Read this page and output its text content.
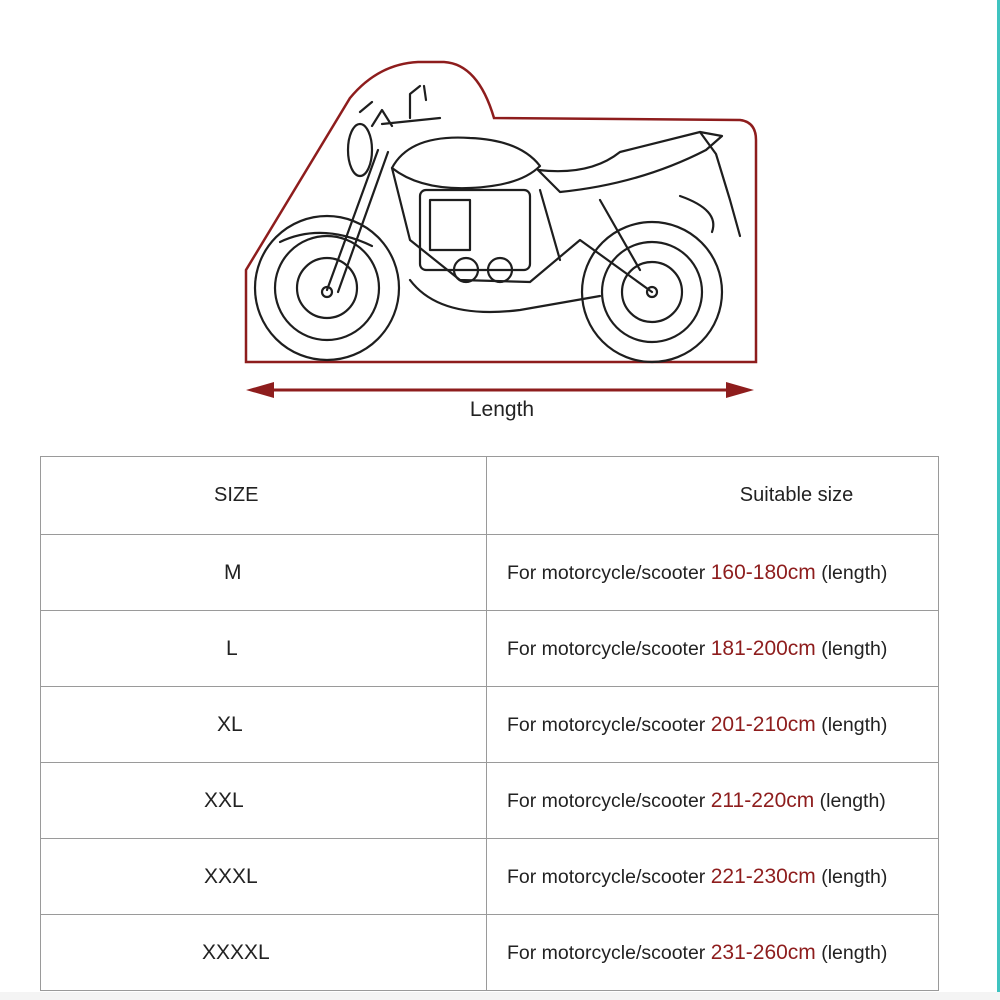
Length
SIZE	Suitable size
M	For motorcycle/scooter 160-180cm (length)
L	For motorcycle/scooter 181-200cm (length)
XL	For motorcycle/scooter 201-210cm (length)
XXL	For motorcycle/scooter 211-220cm (length)
XXXL	For motorcycle/scooter 221-230cm (length)
XXXXL	For motorcycle/scooter 231-260cm (length)
